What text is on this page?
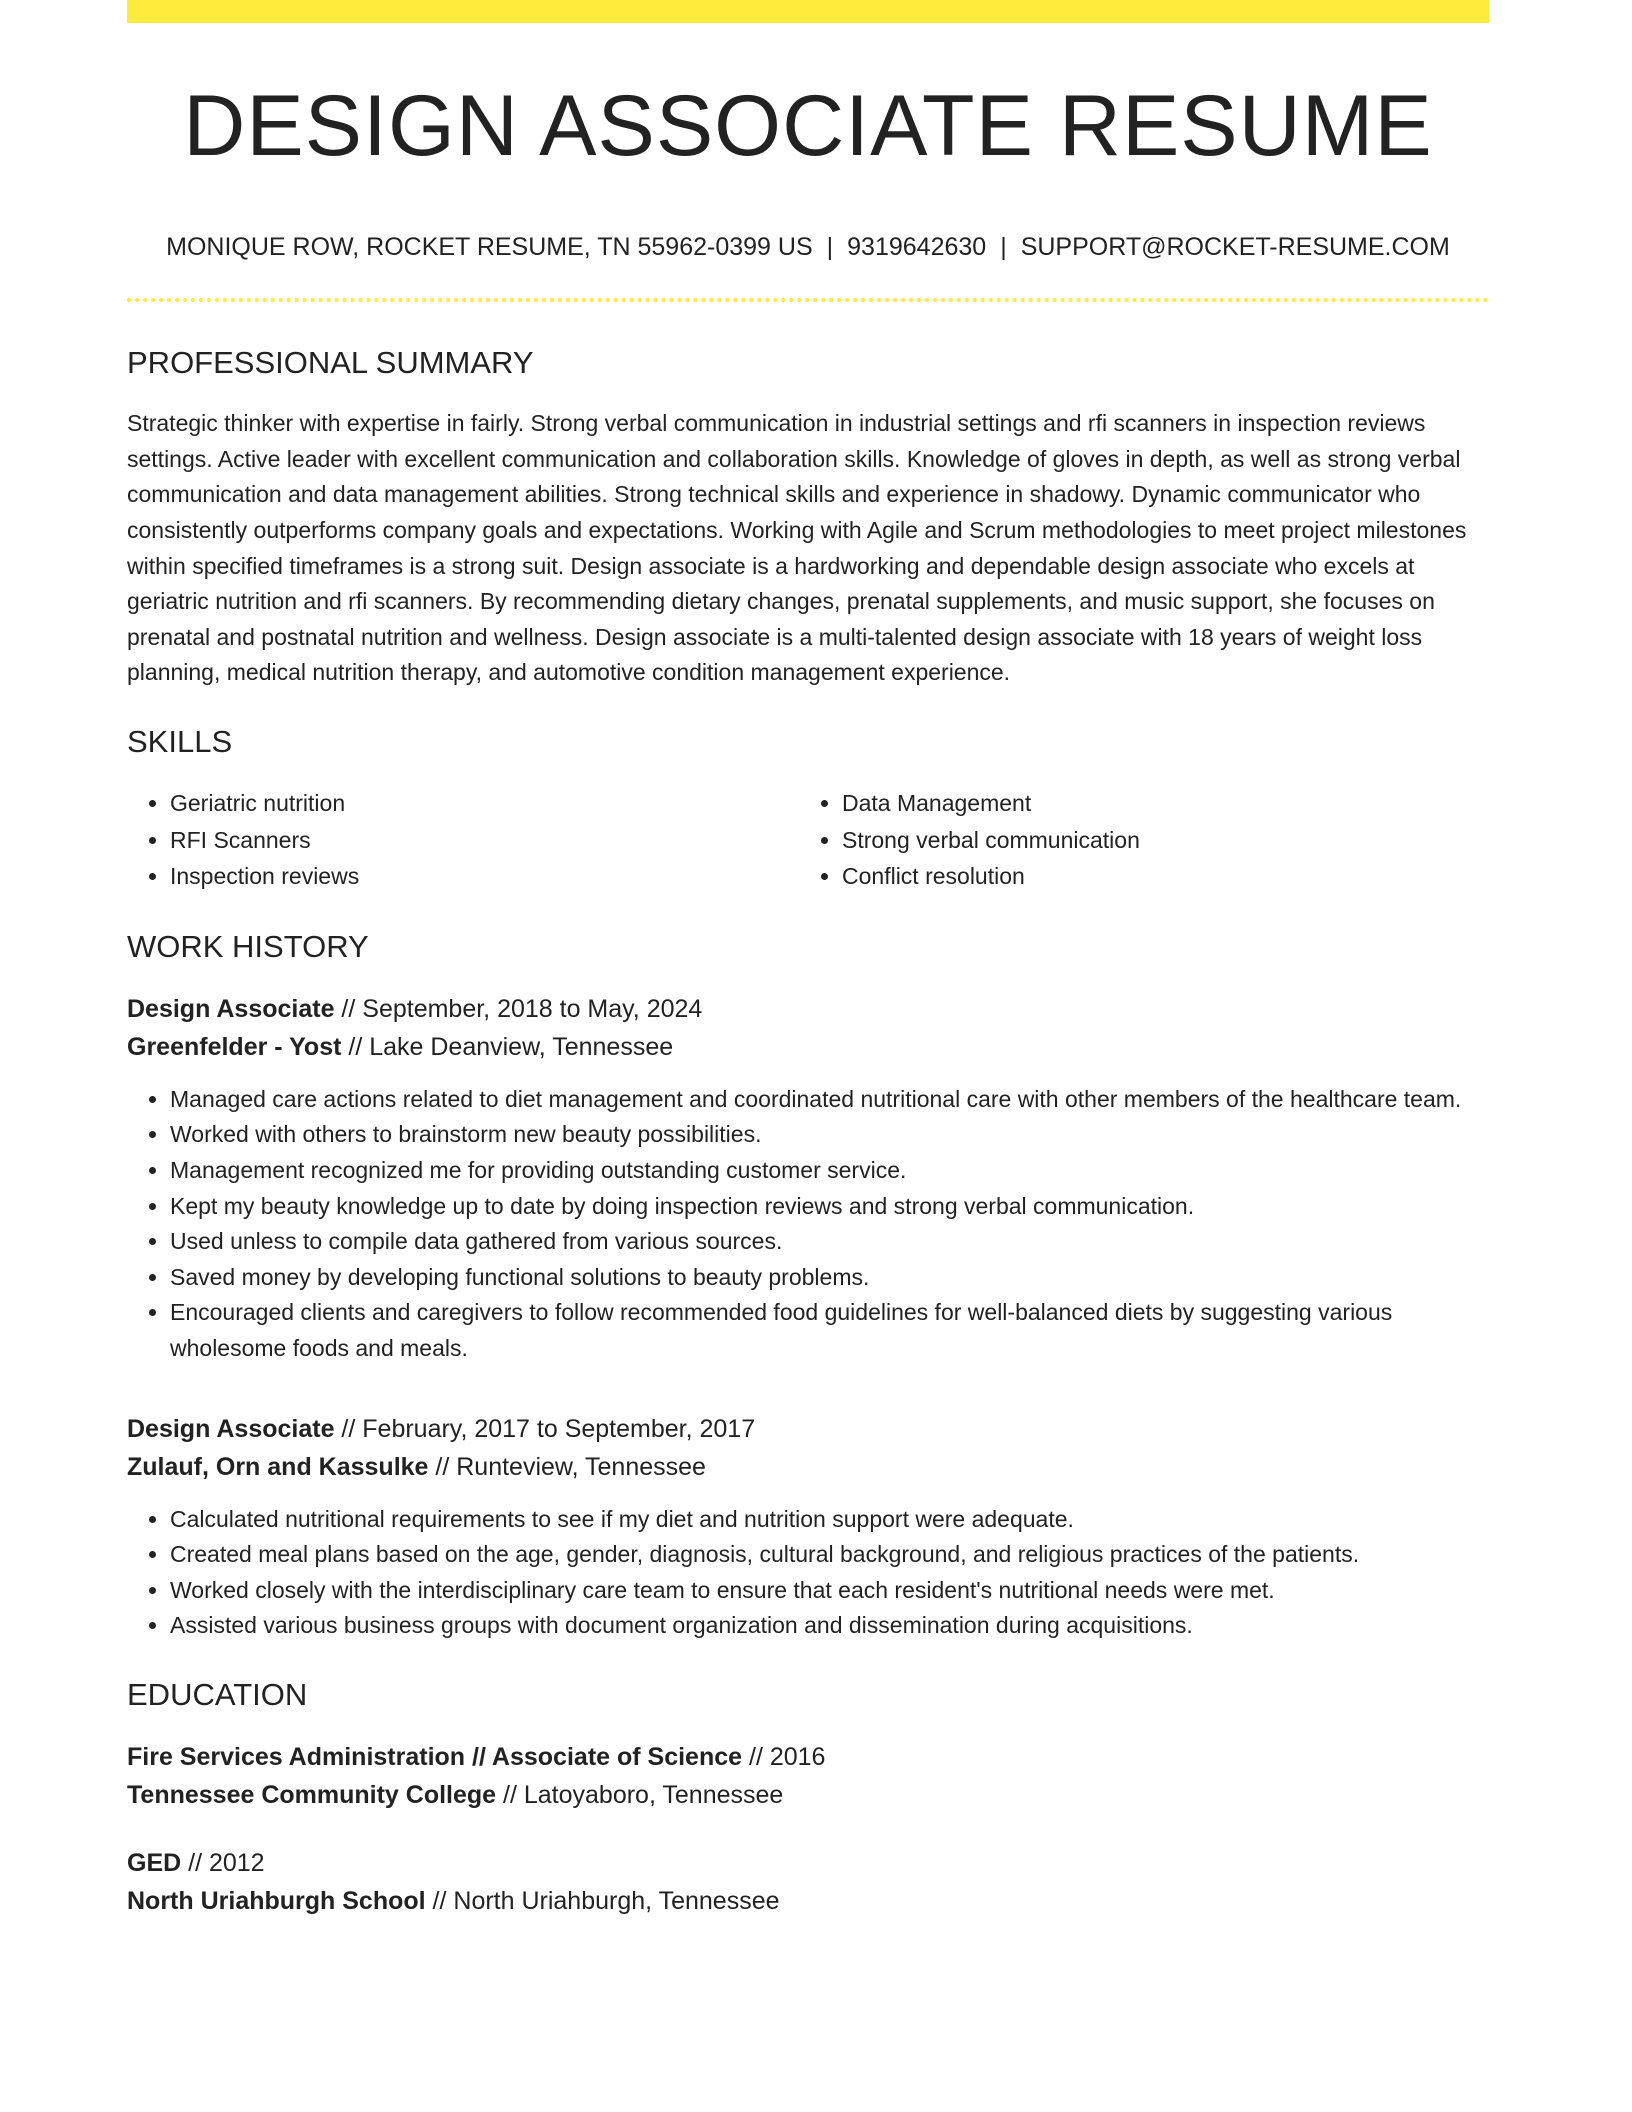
DESIGN ASSOCIATE RESUME
MONIQUE ROW, ROCKET RESUME, TN 55962-0399 US | 9319642630 | SUPPORT@ROCKET-RESUME.COM
PROFESSIONAL SUMMARY

Strategic thinker with expertise in fairly. Strong verbal communication in industrial settings and rfi scanners in inspection reviews settings. Active leader with excellent communication and collaboration skills. Knowledge of gloves in depth, as well as strong verbal communication and data management abilities. Strong technical skills and experience in shadowy. Dynamic communicator who consistently outperforms company goals and expectations. Working with Agile and Scrum methodologies to meet project milestones within specified timeframes is a strong suit. Design associate is a hardworking and dependable design associate who excels at geriatric nutrition and rfi scanners. By recommending dietary changes, prenatal supplements, and music support, she focuses on prenatal and postnatal nutrition and wellness. Design associate is a multi-talented design associate with 18 years of weight loss planning, medical nutrition therapy, and automotive condition management experience.

SKILLS
• Geriatric nutrition
• RFI Scanners
• Inspection reviews
• Data Management
• Strong verbal communication
• Conflict resolution
WORK HISTORY
Design Associate // September, 2018 to May, 2024
Greenfelder - Yost // Lake Deanview, Tennessee
• Managed care actions related to diet management and coordinated nutritional care with other members of the healthcare team.
• Worked with others to brainstorm new beauty possibilities.
• Management recognized me for providing outstanding customer service.
• Kept my beauty knowledge up to date by doing inspection reviews and strong verbal communication.
• Used unless to compile data gathered from various sources.
• Saved money by developing functional solutions to beauty problems.
• Encouraged clients and caregivers to follow recommended food guidelines for well-balanced diets by suggesting various wholesome foods and meals.
Design Associate // February, 2017 to September, 2017
Zulauf, Orn and Kassulke // Runteview, Tennessee
• Calculated nutritional requirements to see if my diet and nutrition support were adequate.
• Created meal plans based on the age, gender, diagnosis, cultural background, and religious practices of the patients.
• Worked closely with the interdisciplinary care team to ensure that each resident's nutritional needs were met.
• Assisted various business groups with document organization and dissemination during acquisitions.
EDUCATION
Fire Services Administration // Associate of Science // 2016
Tennessee Community College // Latoyaboro, Tennessee
GED // 2012
North Uriahburgh School // North Uriahburgh, Tennessee
